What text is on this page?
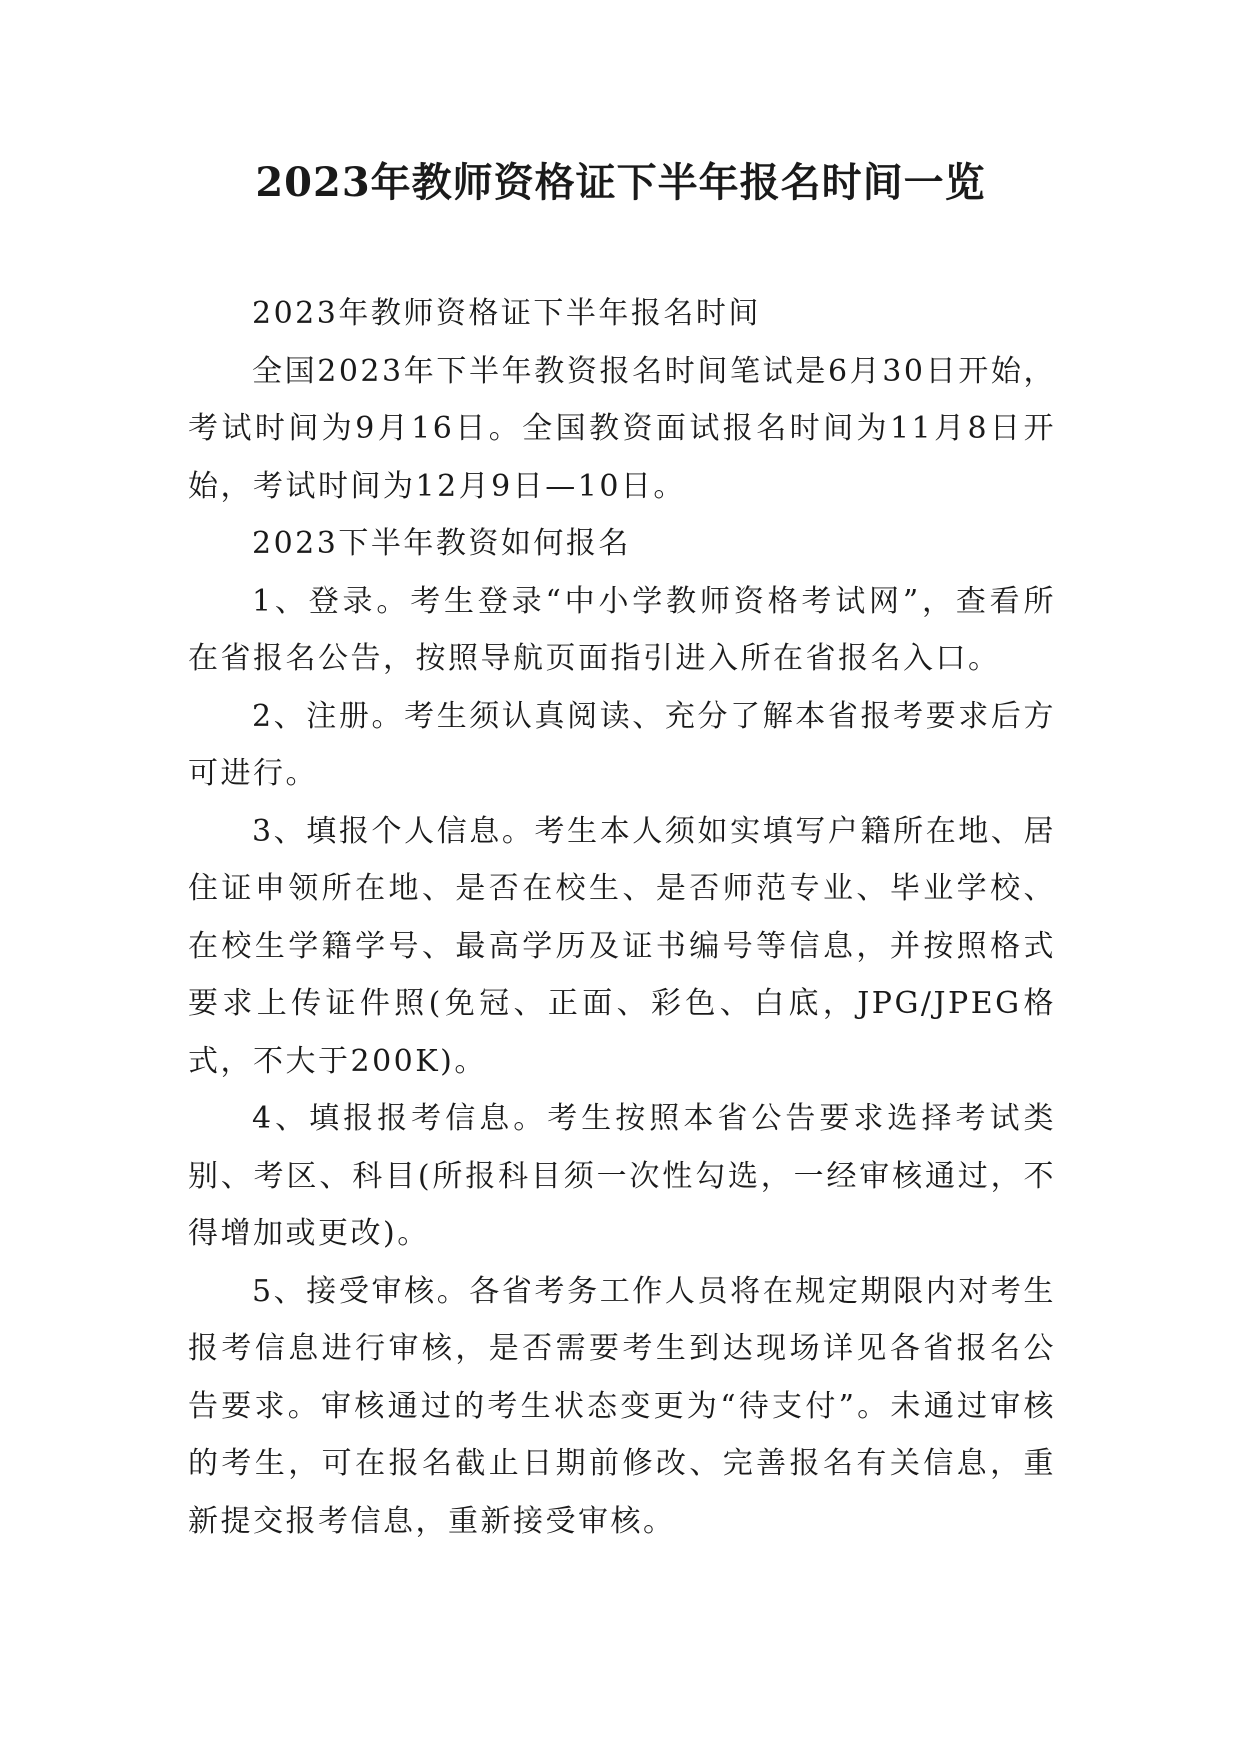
2023年教师资格证下半年报名时间一览

2023年教师资格证下半年报名时间

全国2023年下半年教资报名时间笔试是6月30日开始，考试时间为9月16日。全国教资面试报名时间为11月8日开始，考试时间为12月9日—10日。

2023下半年教资如何报名

1、登录。考生登录“中小学教师资格考试网”，查看所在省报名公告，按照导航页面指引进入所在省报名入口。

2、注册。考生须认真阅读、充分了解本省报考要求后方可进行。

3、填报个人信息。考生本人须如实填写户籍所在地、居住证申领所在地、是否在校生、是否师范专业、毕业学校、在校生学籍学号、最高学历及证书编号等信息，并按照格式要求上传证件照(免冠、正面、彩色、白底，JPG/JPEG格式，不大于200K)。

4、填报报考信息。考生按照本省公告要求选择考试类别、考区、科目(所报科目须一次性勾选，一经审核通过，不得增加或更改)。

5、接受审核。各省考务工作人员将在规定期限内对考生报考信息进行审核，是否需要考生到达现场详见各省报名公告要求。审核通过的考生状态变更为“待支付”。未通过审核的考生，可在报名截止日期前修改、完善报名有关信息，重新提交报考信息，重新接受审核。
